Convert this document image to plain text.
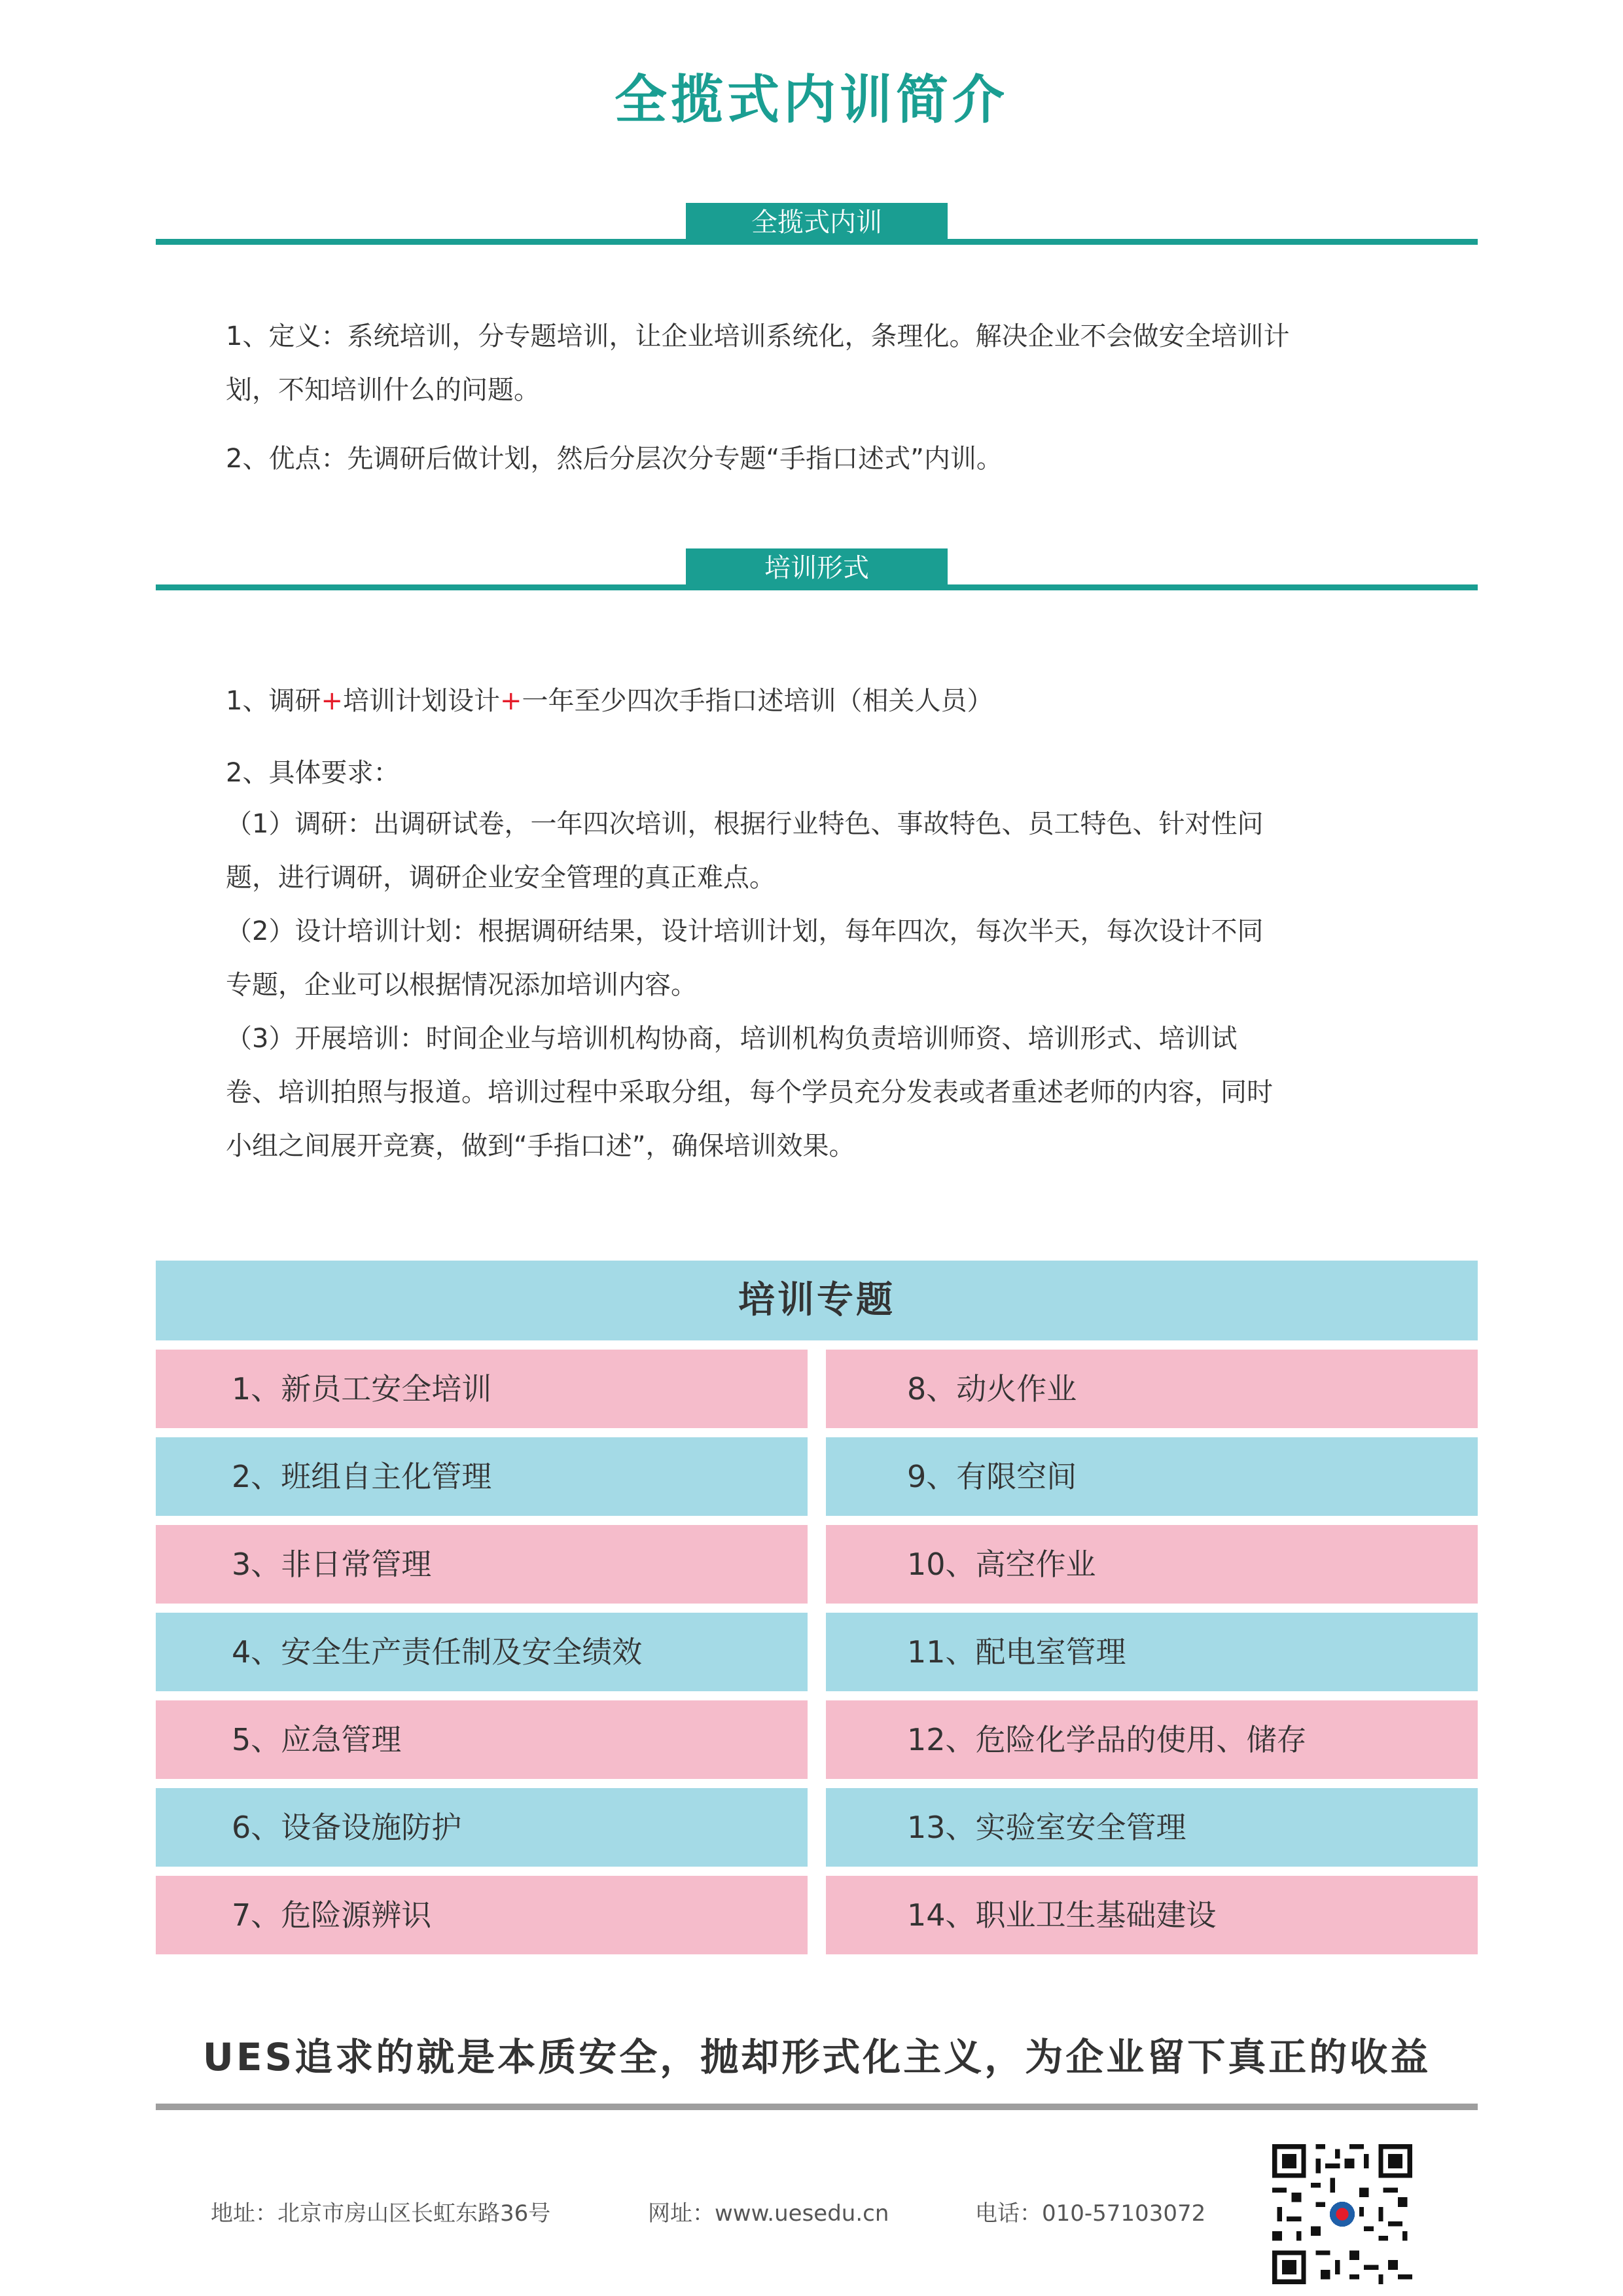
全揽式内训简介
全揽式内训
1、定义：系统培训，分专题培训，让企业培训系统化，条理化。解决企业不会做安全培训计
划，不知培训什么的问题。
2、优点：先调研后做计划，然后分层次分专题“手指口述式”内训。
培训形式
1、调研+培训计划设计+一年至少四次手指口述培训（相关人员）
2、具体要求：
（1）调研：出调研试卷，一年四次培训，根据行业特色、事故特色、员工特色、针对性问
题，进行调研，调研企业安全管理的真正难点。
（2）设计培训计划：根据调研结果，设计培训计划，每年四次，每次半天，每次设计不同
专题，企业可以根据情况添加培训内容。
（3）开展培训：时间企业与培训机构协商，培训机构负责培训师资、培训形式、培训试
卷、培训拍照与报道。培训过程中采取分组，每个学员充分发表或者重述老师的内容，同时
小组之间展开竞赛，做到“手指口述”，确保培训效果。
培训专题
1、新员工安全培训
2、班组自主化管理
3、非日常管理
4、安全生产责任制及安全绩效
5、应急管理
6、设备设施防护
7、危险源辨识
8、动火作业
9、有限空间
10、高空作业
11、配电室管理
12、危险化学品的使用、储存
13、实验室安全管理
14、职业卫生基础建设
UES追求的就是本质安全，抛却形式化主义，为企业留下真正的收益
地址：北京市房山区长虹东路36号	网址：www.uesedu.cn	电话：010-57103072
